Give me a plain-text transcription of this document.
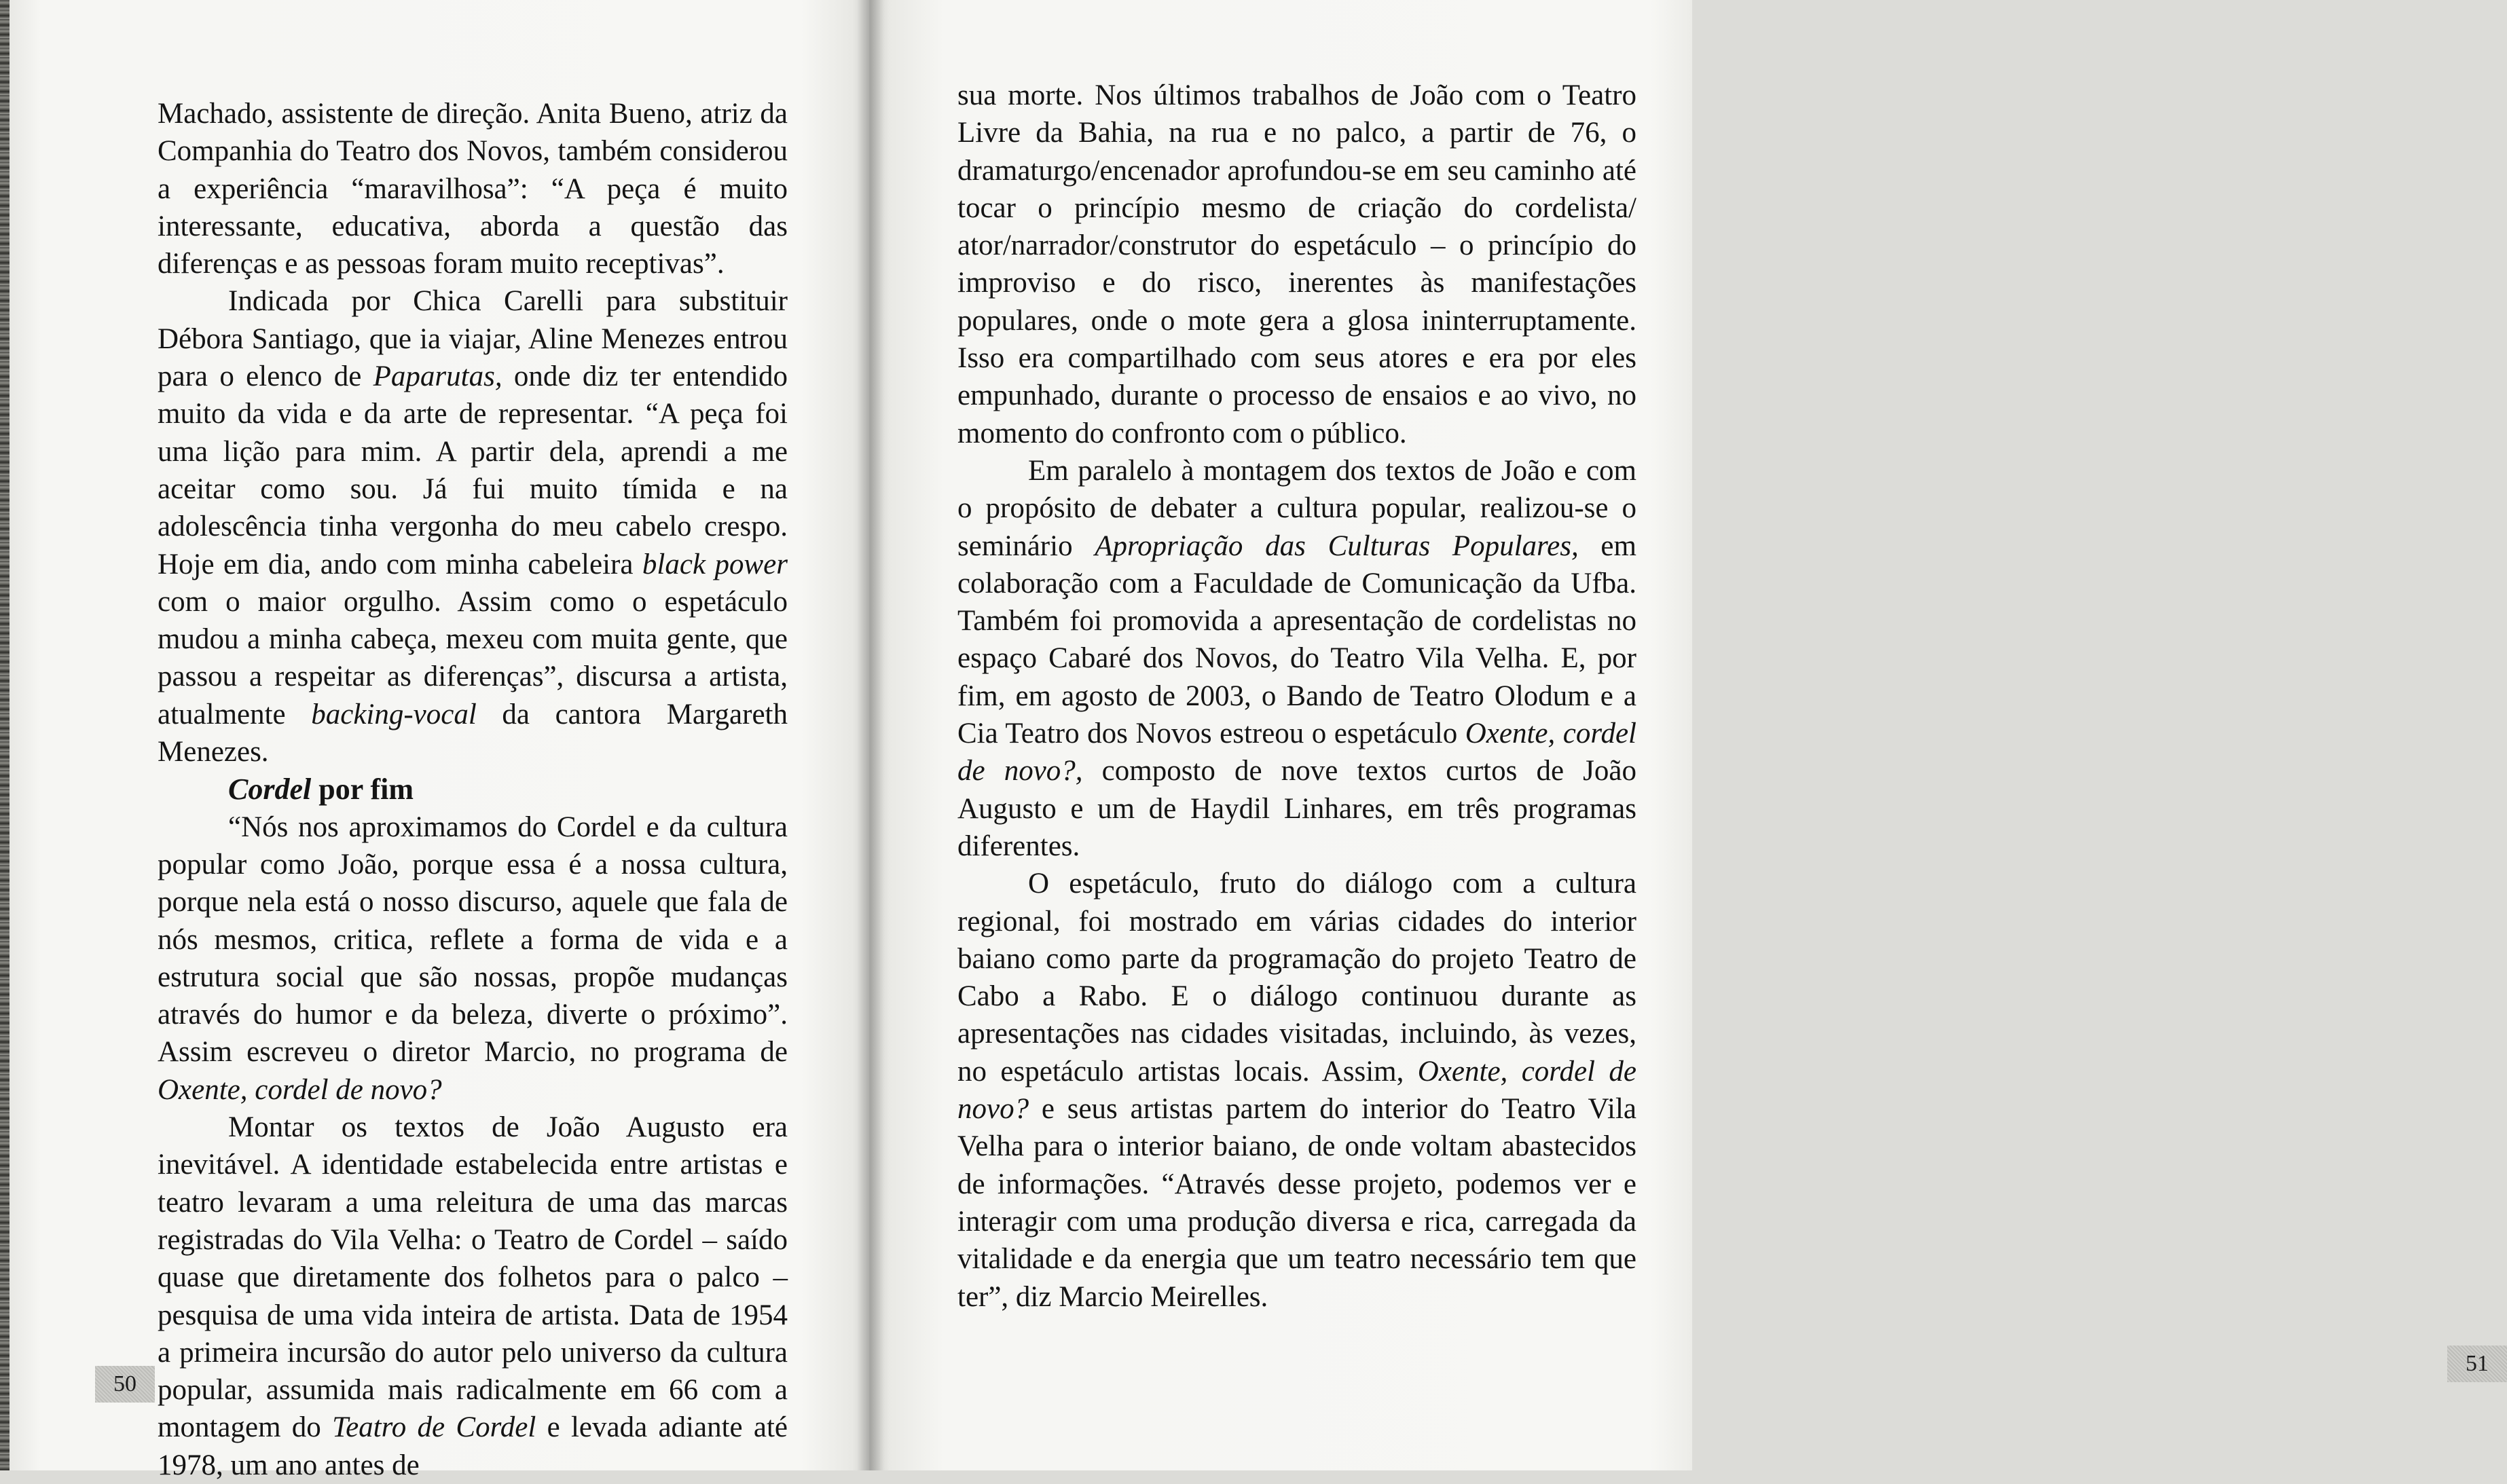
Machado, assistente de direção. Anita Bueno, atriz da Companhia do Teatro dos Novos, também considerou a experiência “maravilhosa”: “A peça é muito interessante, educativa, aborda a questão das diferenças e as pessoas foram muito receptivas”.

Indicada por Chica Carelli para substituir Débora Santiago, que ia viajar, Aline Menezes entrou para o elenco de Paparutas, onde diz ter entendido muito da vida e da arte de representar. “A peça foi uma lição para mim. A partir dela, aprendi a me aceitar como sou. Já fui muito tímida e na adolescência tinha vergonha do meu cabelo crespo. Hoje em dia, ando com minha cabeleira black power com o maior orgulho. Assim como o espetáculo mudou a minha cabeça, mexeu com muita gente, que passou a respeitar as diferenças”, discursa a artista, atualmente backing-vocal da cantora Margareth Menezes.

Cordel por fim

“Nós nos aproximamos do Cordel e da cultura popular como João, porque essa é a nossa cultura, porque nela está o nosso discurso, aquele que fala de nós mesmos, critica, reflete a forma de vida e a estrutura social que são nossas, propõe mudanças através do humor e da beleza, diverte o próximo”. Assim escreveu o diretor Marcio, no programa de Oxente, cordel de novo?

Montar os textos de João Augusto era inevitável. A identidade estabelecida entre artistas e teatro levaram a uma releitura de uma das marcas registradas do Vila Velha: o Teatro de Cordel – saído quase que diretamente dos folhetos para o palco – pesquisa de uma vida inteira de artista. Data de 1954 a primeira incursão do autor pelo universo da cultura popular, assumida mais radicalmente em 66 com a montagem do Teatro de Cordel e levada adiante até 1978, um ano antes de

50

sua morte. Nos últimos trabalhos de João com o Teatro Livre da Bahia, na rua e no palco, a partir de 76, o dramaturgo/encenador aprofundou-se em seu caminho até tocar o princípio mesmo de criação do cordelista/ ator/narrador/construtor do espetáculo – o princípio do improviso e do risco, inerentes às manifestações populares, onde o mote gera a glosa ininterruptamente. Isso era compartilhado com seus atores e era por eles empunhado, durante o processo de ensaios e ao vivo, no momento do confronto com o público.

Em paralelo à montagem dos textos de João e com o propósito de debater a cultura popular, realizou-se o seminário Apropriação das Culturas Populares, em colaboração com a Faculdade de Comunicação da Ufba. Também foi promovida a apresentação de cordelistas no espaço Cabaré dos Novos, do Teatro Vila Velha. E, por fim, em agosto de 2003, o Bando de Teatro Olodum e a Cia Teatro dos Novos estreou o espetáculo Oxente, cordel de novo?, composto de nove textos curtos de João Augusto e um de Haydil Linhares, em três programas diferentes.

O espetáculo, fruto do diálogo com a cultura regional, foi mostrado em várias cidades do interior baiano como parte da programação do projeto Teatro de Cabo a Rabo. E o diálogo continuou durante as apresentações nas cidades visitadas, incluindo, às vezes, no espetáculo artistas locais. Assim, Oxente, cordel de novo? e seus artistas partem do interior do Teatro Vila Velha para o interior baiano, de onde voltam abastecidos de informações. “Através desse projeto, podemos ver e interagir com uma produção diversa e rica, carregada da vitalidade e da energia que um teatro necessário tem que ter”, diz Marcio Meirelles.

51
